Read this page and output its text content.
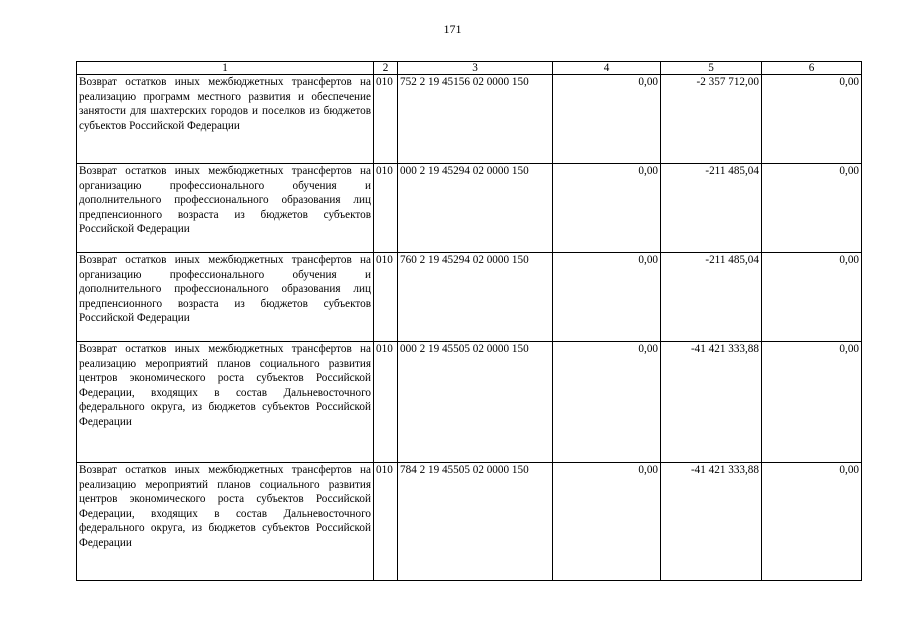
171
1	2	3	4	5	6
Возврат остатков иных межбюджетных трансфертов на реализацию программ местного развития и обеспечение занятости для шахтерских городов и поселков из бюджетов субъектов Российской Федерации	010	752 2 19 45156 02 0000 150	0,00	-2 357 712,00	0,00
Возврат остатков иных межбюджетных трансфертов на организацию профессионального обучения и дополнительного профессионального образования лиц предпенсионного возраста из бюджетов субъектов Российской Федерации	010	000 2 19 45294 02 0000 150	0,00	-211 485,04	0,00
Возврат остатков иных межбюджетных трансфертов на организацию профессионального обучения и дополнительного профессионального образования лиц предпенсионного возраста из бюджетов субъектов Российской Федерации	010	760 2 19 45294 02 0000 150	0,00	-211 485,04	0,00
Возврат остатков иных межбюджетных трансфертов на реализацию мероприятий планов социального развития центров экономического роста субъектов Российской Федерации, входящих в состав Дальневосточного федерального округа, из бюджетов субъектов Российской Федерации	010	000 2 19 45505 02 0000 150	0,00	-41 421 333,88	0,00
Возврат остатков иных межбюджетных трансфертов на реализацию мероприятий планов социального развития центров экономического роста субъектов Российской Федерации, входящих в состав Дальневосточного федерального округа, из бюджетов субъектов Российской Федерации	010	784 2 19 45505 02 0000 150	0,00	-41 421 333,88	0,00
